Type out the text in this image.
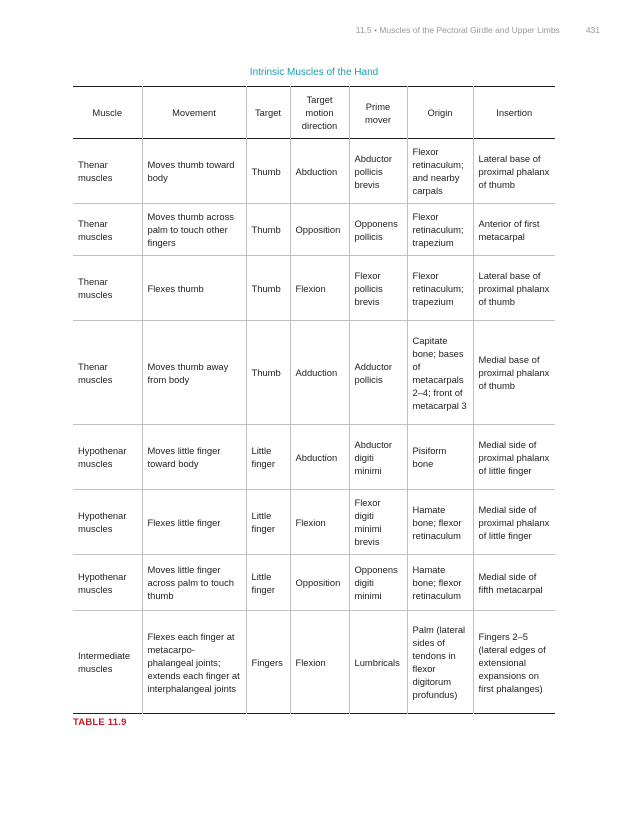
11.5 • Muscles of the Pectoral Girdle and Upper Limbs	431
Intrinsic Muscles of the Hand
Muscle	Movement	Target	Target motion direction	Prime mover	Origin	Insertion
Thenar muscles	Moves thumb toward body	Thumb	Abduction	Abductor pollicis brevis	Flexor retinaculum; and nearby carpals	Lateral base of proximal phalanx of thumb
Thenar muscles	Moves thumb across palm to touch other fingers	Thumb	Opposition	Opponens pollicis	Flexor retinaculum; trapezium	Anterior of first metacarpal
Thenar muscles	Flexes thumb	Thumb	Flexion	Flexor pollicis brevis	Flexor retinaculum; trapezium	Lateral base of proximal phalanx of thumb
Thenar muscles	Moves thumb away from body	Thumb	Adduction	Adductor pollicis	Capitate bone; bases of metacarpals 2–4; front of metacarpal 3	Medial base of proximal phalanx of thumb
Hypothenar muscles	Moves little finger toward body	Little finger	Abduction	Abductor digiti minimi	Pisiform bone	Medial side of proximal phalanx of little finger
Hypothenar muscles	Flexes little finger	Little finger	Flexion	Flexor digiti minimi brevis	Hamate bone; flexor retinaculum	Medial side of proximal phalanx of little finger
Hypothenar muscles	Moves little finger across palm to touch thumb	Little finger	Opposition	Opponens digiti minimi	Hamate bone; flexor retinaculum	Medial side of fifth metacarpal
Intermediate muscles	Flexes each finger at metacarpo-phalangeal joints; extends each finger at interphalangeal joints	Fingers	Flexion	Lumbricals	Palm (lateral sides of tendons in flexor digitorum profundus)	Fingers 2–5 (lateral edges of extensional expansions on first phalanges)
TABLE 11.9
